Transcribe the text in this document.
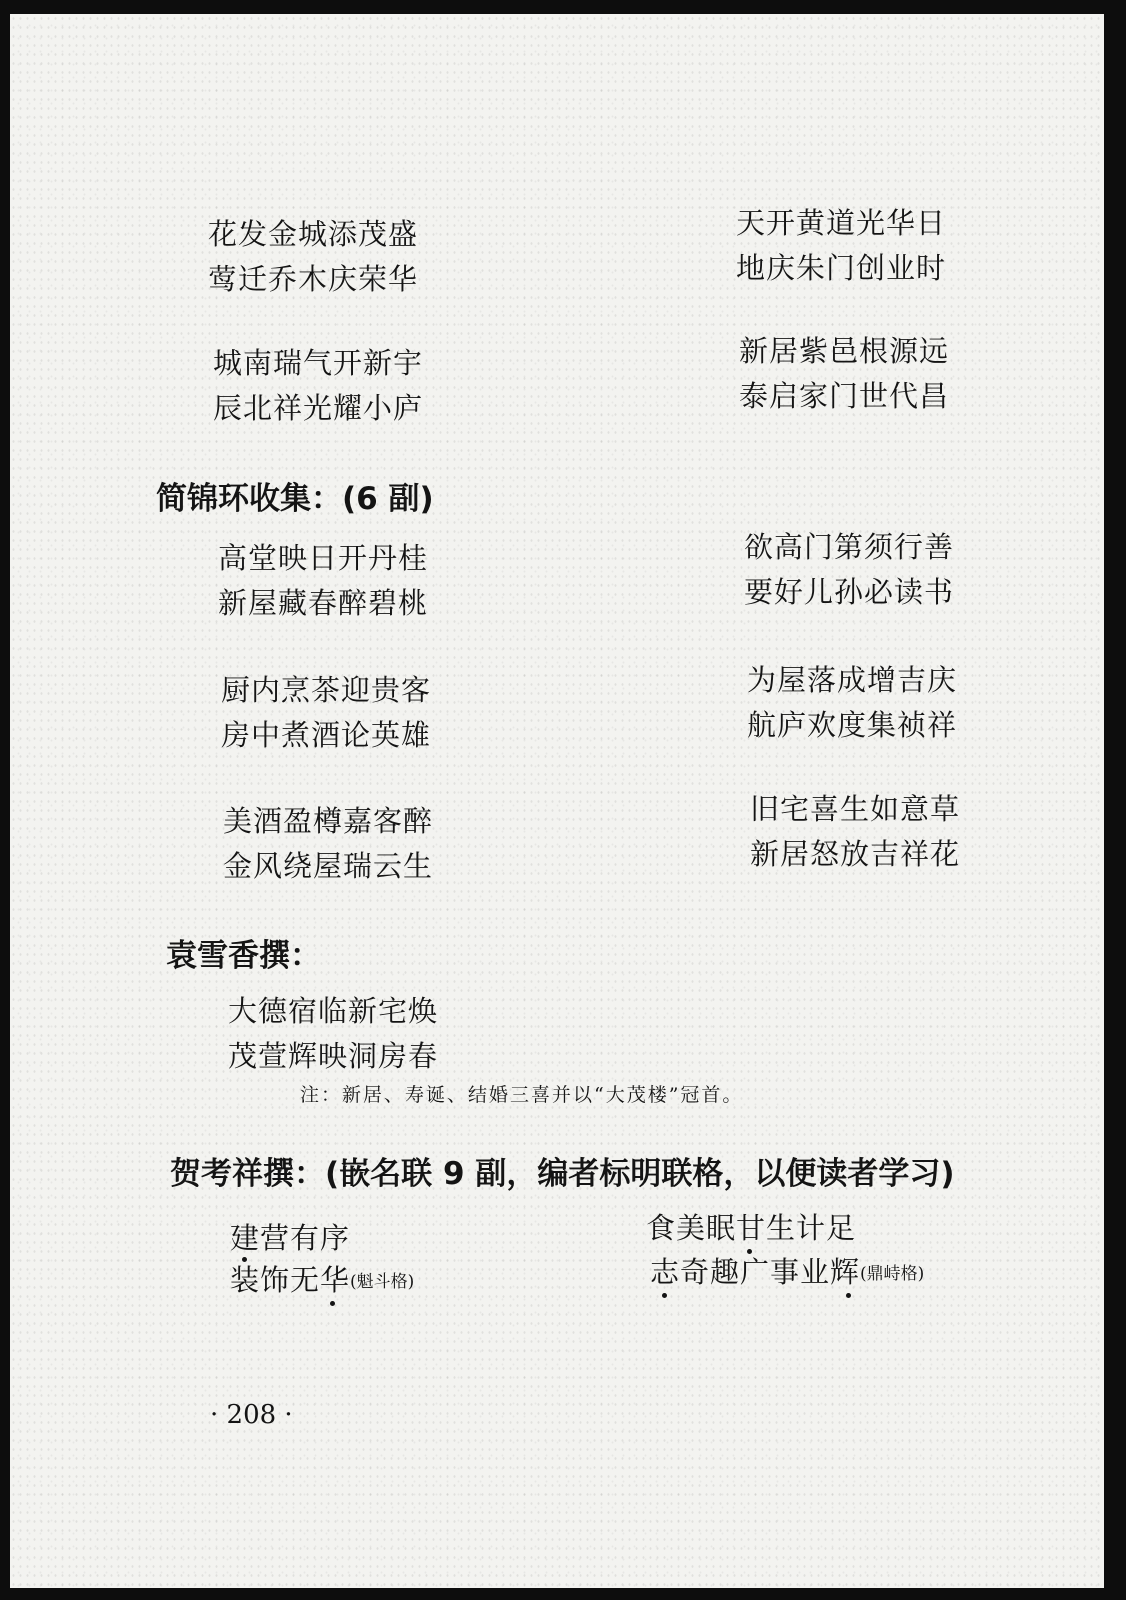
花发金城添茂盛
莺迁乔木庆荣华
城南瑞气开新宇
辰北祥光耀小庐
天开黄道光华日
地庆朱门创业时
新居紫邑根源远
泰启家门世代昌
简锦环收集：(6 副)
高堂映日开丹桂
新屋藏春醉碧桃
厨内烹茶迎贵客
房中煮酒论英雄
美酒盈樽嘉客醉
金风绕屋瑞云生
欲高门第须行善
要好儿孙必读书
为屋落成增吉庆
航庐欢度集祯祥
旧宅喜生如意草
新居怒放吉祥花
袁雪香撰：
大德宿临新宅焕
茂萱辉映洞房春
注：新居、寿诞、结婚三喜并以“大茂楼”冠首。
贺考祥撰：(嵌名联 9 副，编者标明联格，以便读者学习)
建营有序
装饰无华 (魁斗格)
食美眠甘生计足
志奇趣广事业辉 (鼎峙格)
· 208 ·
